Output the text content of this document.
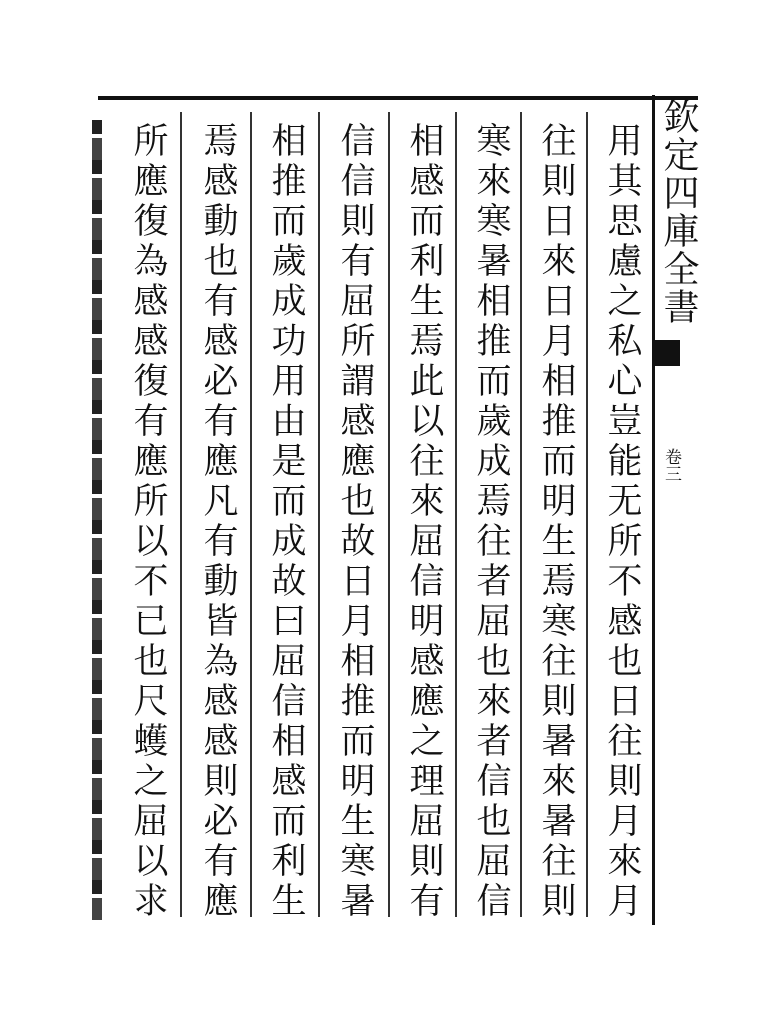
欽定四庫全書
卷三
用其思慮之私心豈能无所不感也日往則月來月
往則日來日月相推而明生焉寒往則暑來暑往則
寒來寒暑相推而歲成焉往者屈也來者信也屈信
相感而利生焉此以往來屈信明感應之理屈則有
信信則有屈所謂感應也故日月相推而明生寒暑
相推而歲成功用由是而成故曰屈信相感而利生
焉感動也有感必有應凡有動皆為感感則必有應
所應復為感感復有應所以不已也尺蠖之屈以求
